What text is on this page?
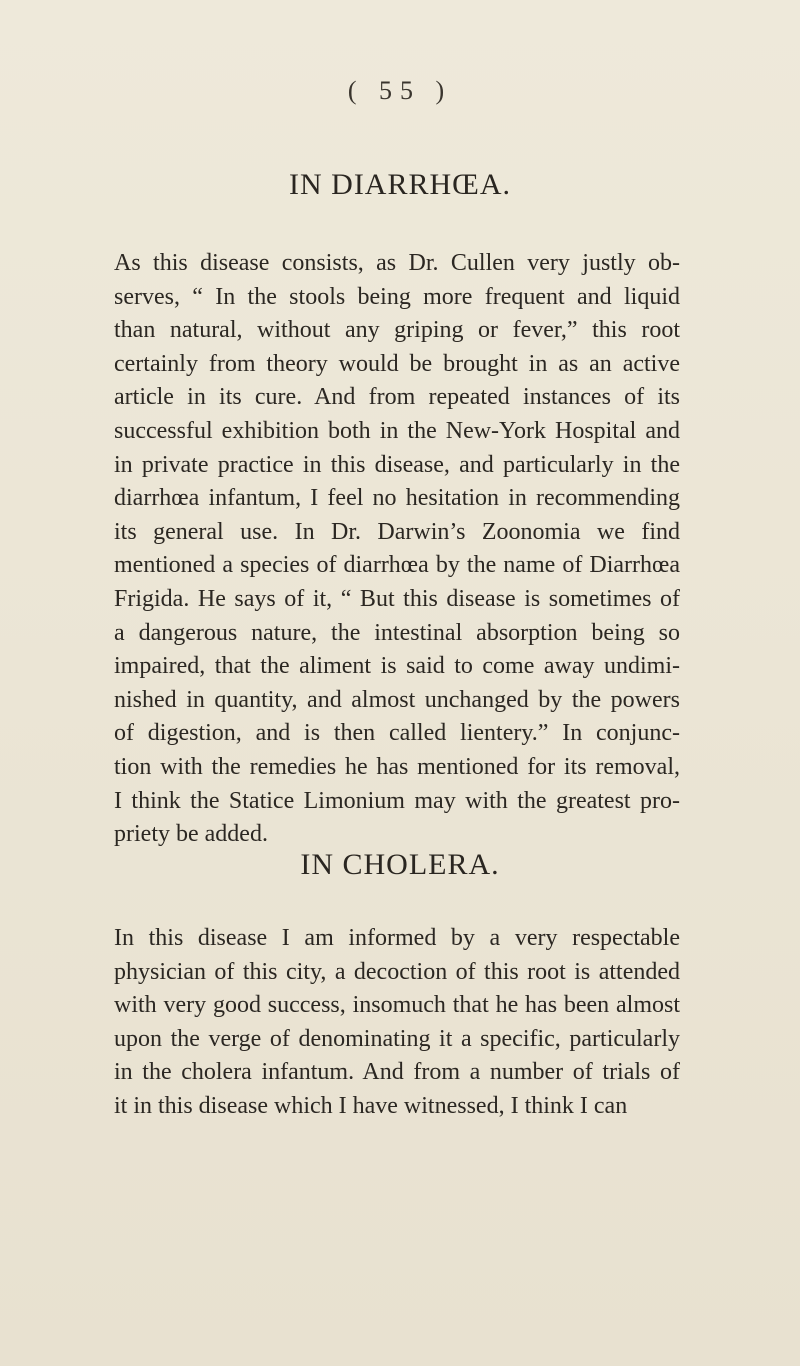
( 55 )
IN DIARRHŒA.
As this disease consists, as Dr. Cullen very justly ob-
serves, “ In the stools being more frequent and liquid
than natural, without any griping or fever,” this root
certainly from theory would be brought in as an active
article in its cure. And from repeated instances of its
successful exhibition both in the New-York Hospital and
in private practice in this disease, and particularly in the
diarrhœa infantum, I feel no hesitation in recommending
its general use. In Dr. Darwin’s Zoonomia we find
mentioned a species of diarrhœa by the name of Diarrhœa
Frigida. He says of it, “ But this disease is sometimes of
a dangerous nature, the intestinal absorption being so
impaired, that the aliment is said to come away undimi-
nished in quantity, and almost unchanged by the powers
of digestion, and is then called lientery.” In conjunc-
tion with the remedies he has mentioned for its removal,
I think the Statice Limonium may with the greatest pro-
priety be added.
IN CHOLERA.
In this disease I am informed by a very respectable
physician of this city, a decoction of this root is attended
with very good success, insomuch that he has been almost
upon the verge of denominating it a specific, particularly
in the cholera infantum. And from a number of trials of
it in this disease which I have witnessed, I think I can
